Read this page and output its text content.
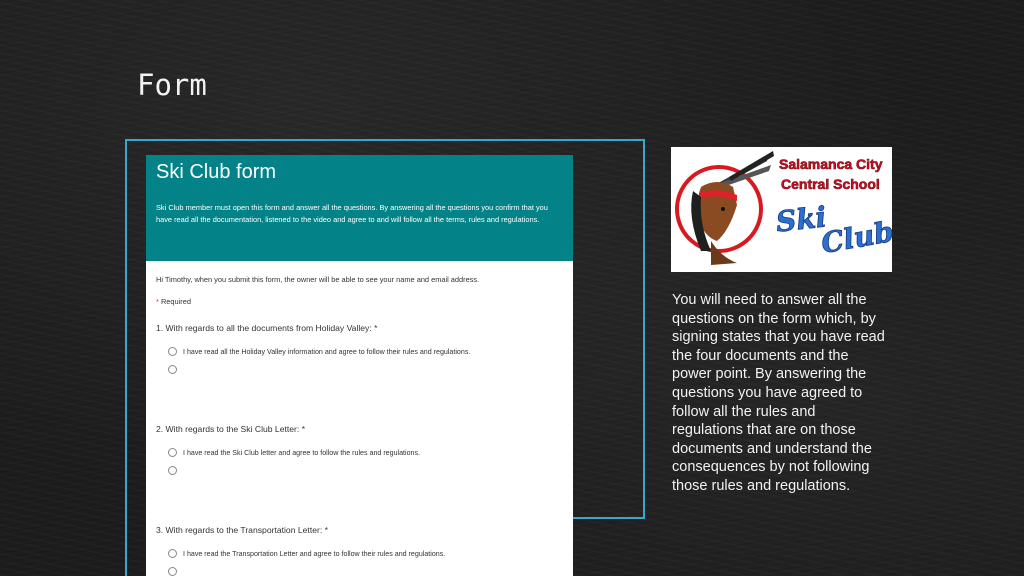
Form
Ski Club form
Ski Club member must open this form and answer all the questions. By answering all the questions you confirm that you have read all the documentation, listened to the video and agree to and will follow all the terms, rules and regulations.
Hi Timothy, when you submit this form, the owner will be able to see your name and email address.
* Required
1. With regards to all the documents from Holiday Valley: *
I have read all the Holiday Valley information and agree to follow their rules and regulations.
2. With regards to the Ski Club Letter: *
I have read the Ski Club letter and agree to follow the rules and regulations.
3. With regards to the Transportation Letter: *
I have read the Transportation Letter and agree to follow their rules and regulations.
Salamanca City
Central School
Ski
Club
You will need to answer all the questions on the form which, by signing states that you have read the four documents and the power point. By answering the questions you have agreed to follow all the rules and regulations that are on those documents and understand the consequences by not following those rules and regulations.
